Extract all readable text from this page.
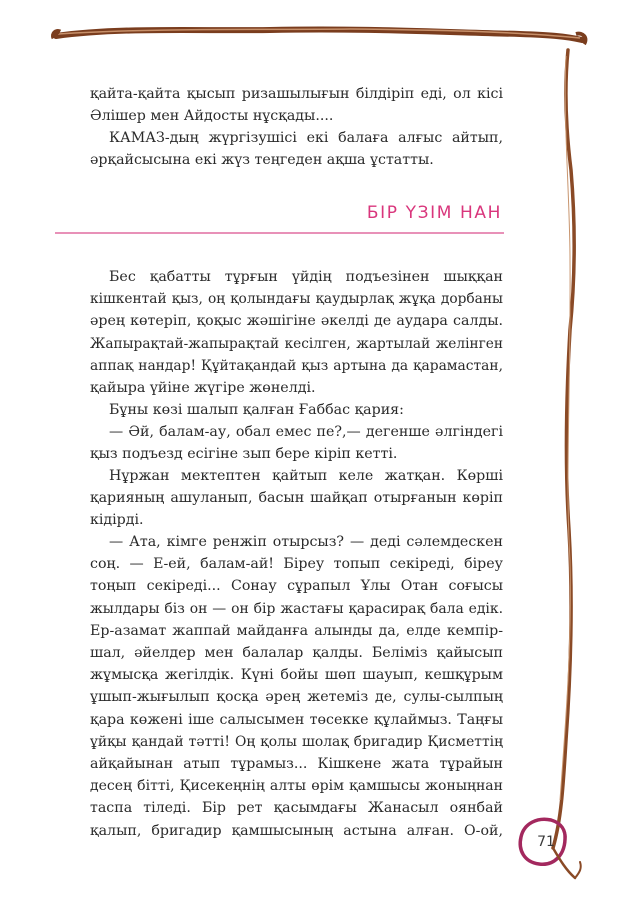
қайта-қайта қысып ризашылығын білдіріп еді, ол кісі
Әлішер мен Айдосты нұсқады....
КАМАЗ-дың жүргізушісі екі балаға алғыс айтып,
әрқайсысына екі жүз теңгеден ақша ұстатты.
БІР ҮЗІМ НАН
Бес қабатты тұрғын үйдің подъезінен шыққан
кішкентай қыз, оң қолындағы қаудырлақ жұқа дорбаны
әрең көтеріп, қоқыс жәшігіне әкелді де аудара салды.
Жапырақтай-жапырақтай кесілген, жартылай желінген
аппақ нандар! Құйтақандай қыз артына да қарамастан,
қайыра үйіне жүгіре жөнелді.
Бұны көзі шалып қалған Ғаббас қария:
— Әй, балам-ау, обал емес пе?,— дегенше әлгіндегі
қыз подъезд есігіне зып бере кіріп кетті.
Нұржан мектептен қайтып келе жатқан. Көрші
қарияның ашуланып, басын шайқап отырғанын көріп
кідірді.
— Ата, кімге ренжіп отырсыз? — деді сәлемдескен
соң. — Е-ей, балам-ай! Біреу топып секіреді, біреу
тоңып секіреді... Сонау сұрапыл Ұлы Отан соғысы
жылдары біз он — он бір жастағы қарасирақ бала едік.
Ер-азамат жаппай майданға алынды да, елде кемпір-
шал, әйелдер мен балалар қалды. Беліміз қайысып
жұмысқа жегілдік. Күні бойы шөп шауып, кешқұрым
ұшып-жығылып қосқа әрең жетеміз де, сулы-сылпың
қара көженi іше салысымен төсекке құлаймыз. Таңғы
ұйқы қандай тәтті! Оң қолы шолақ бригадир Қисметтің
айқайынан атып тұрамыз... Кішкене жата тұрайын
десең бітті, Қисекеңнің алты өрім қамшысы жоныңнан
таспа тіледі. Бір рет қасымдағы Жанасыл оянбай
қалып, бригадир қамшысының астына алған. О-ой,
71
